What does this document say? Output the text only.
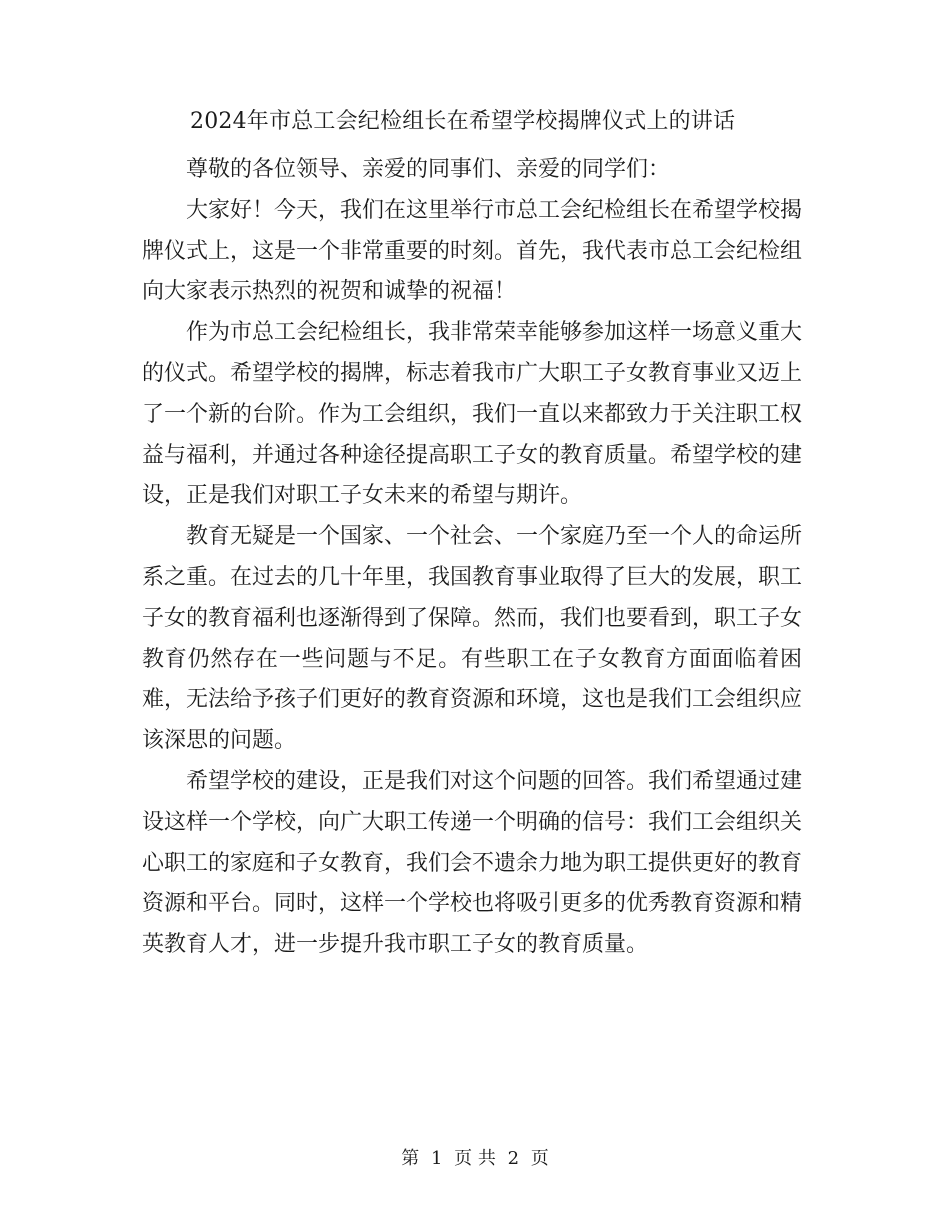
2024年市总工会纪检组长在希望学校揭牌仪式上的讲话

尊敬的各位领导、亲爱的同事们、亲爱的同学们：

大家好！今天，我们在这里举行市总工会纪检组长在希望学校揭牌仪式上，这是一个非常重要的时刻。首先，我代表市总工会纪检组向大家表示热烈的祝贺和诚挚的祝福！

作为市总工会纪检组长，我非常荣幸能够参加这样一场意义重大的仪式。希望学校的揭牌，标志着我市广大职工子女教育事业又迈上了一个新的台阶。作为工会组织，我们一直以来都致力于关注职工权益与福利，并通过各种途径提高职工子女的教育质量。希望学校的建设，正是我们对职工子女未来的希望与期许。

教育无疑是一个国家、一个社会、一个家庭乃至一个人的命运所系之重。在过去的几十年里，我国教育事业取得了巨大的发展，职工子女的教育福利也逐渐得到了保障。然而，我们也要看到，职工子女教育仍然存在一些问题与不足。有些职工在子女教育方面面临着困难，无法给予孩子们更好的教育资源和环境，这也是我们工会组织应该深思的问题。

希望学校的建设，正是我们对这个问题的回答。我们希望通过建设这样一个学校，向广大职工传递一个明确的信号：我们工会组织关心职工的家庭和子女教育，我们会不遗余力地为职工提供更好的教育资源和平台。同时，这样一个学校也将吸引更多的优秀教育资源和精英教育人才，进一步提升我市职工子女的教育质量。

第 1 页 共 2 页
